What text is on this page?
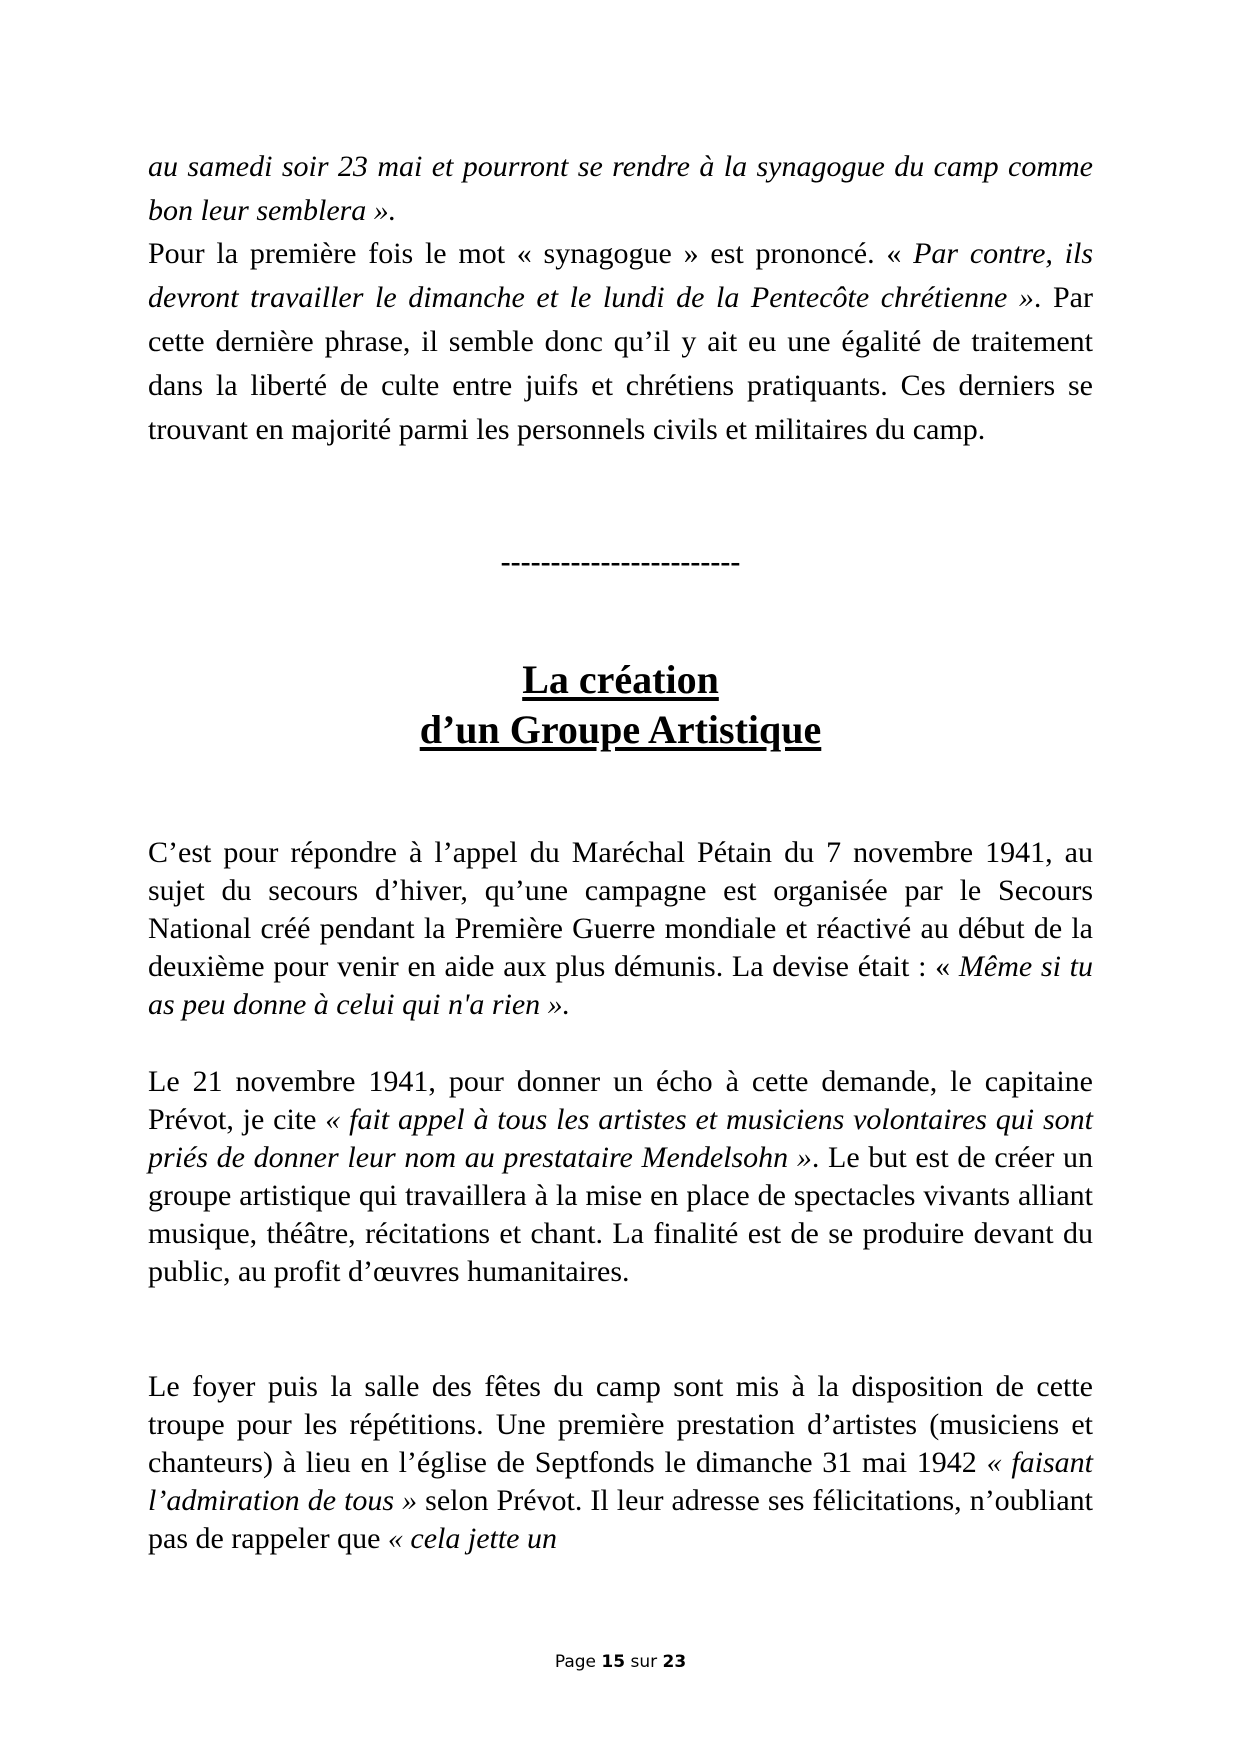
au samedi soir 23 mai et pourront se rendre à la synagogue du camp comme bon leur semblera ».

Pour la première fois le mot « synagogue » est prononcé. « Par contre, ils devront travailler le dimanche et le lundi de la Pentecôte chrétienne ». Par cette dernière phrase, il semble donc qu’il y ait eu une égalité de traitement dans la liberté de culte entre juifs et chrétiens pratiquants. Ces derniers se trouvant en majorité parmi les personnels civils et militaires du camp.

------------------------
La création
d’un Groupe Artistique

C’est pour répondre à l’appel du Maréchal Pétain du 7 novembre 1941, au sujet du secours d’hiver, qu’une campagne est organisée par le Secours National créé pendant la Première Guerre mondiale et réactivé au début de la deuxième pour venir en aide aux plus démunis. La devise était : « Même si tu as peu donne à celui qui n'a rien ».

Le 21 novembre 1941, pour donner un écho à cette demande, le capitaine Prévot, je cite « fait appel à tous les artistes et musiciens volontaires qui sont priés de donner leur nom au prestataire Mendelsohn ». Le but est de créer un groupe artistique qui travaillera à la mise en place de spectacles vivants alliant musique, théâtre, récitations et chant. La finalité est de se produire devant du public, au profit d’œuvres humanitaires.

Le foyer puis la salle des fêtes du camp sont mis à la disposition de cette troupe pour les répétitions. Une première prestation d’artistes (musiciens et chanteurs) à lieu en l’église de Septfonds le dimanche 31 mai 1942 « faisant l’admiration de tous » selon Prévot. Il leur adresse ses félicitations, n’oubliant pas de rappeler que « cela jette un

Page 15 sur 23
